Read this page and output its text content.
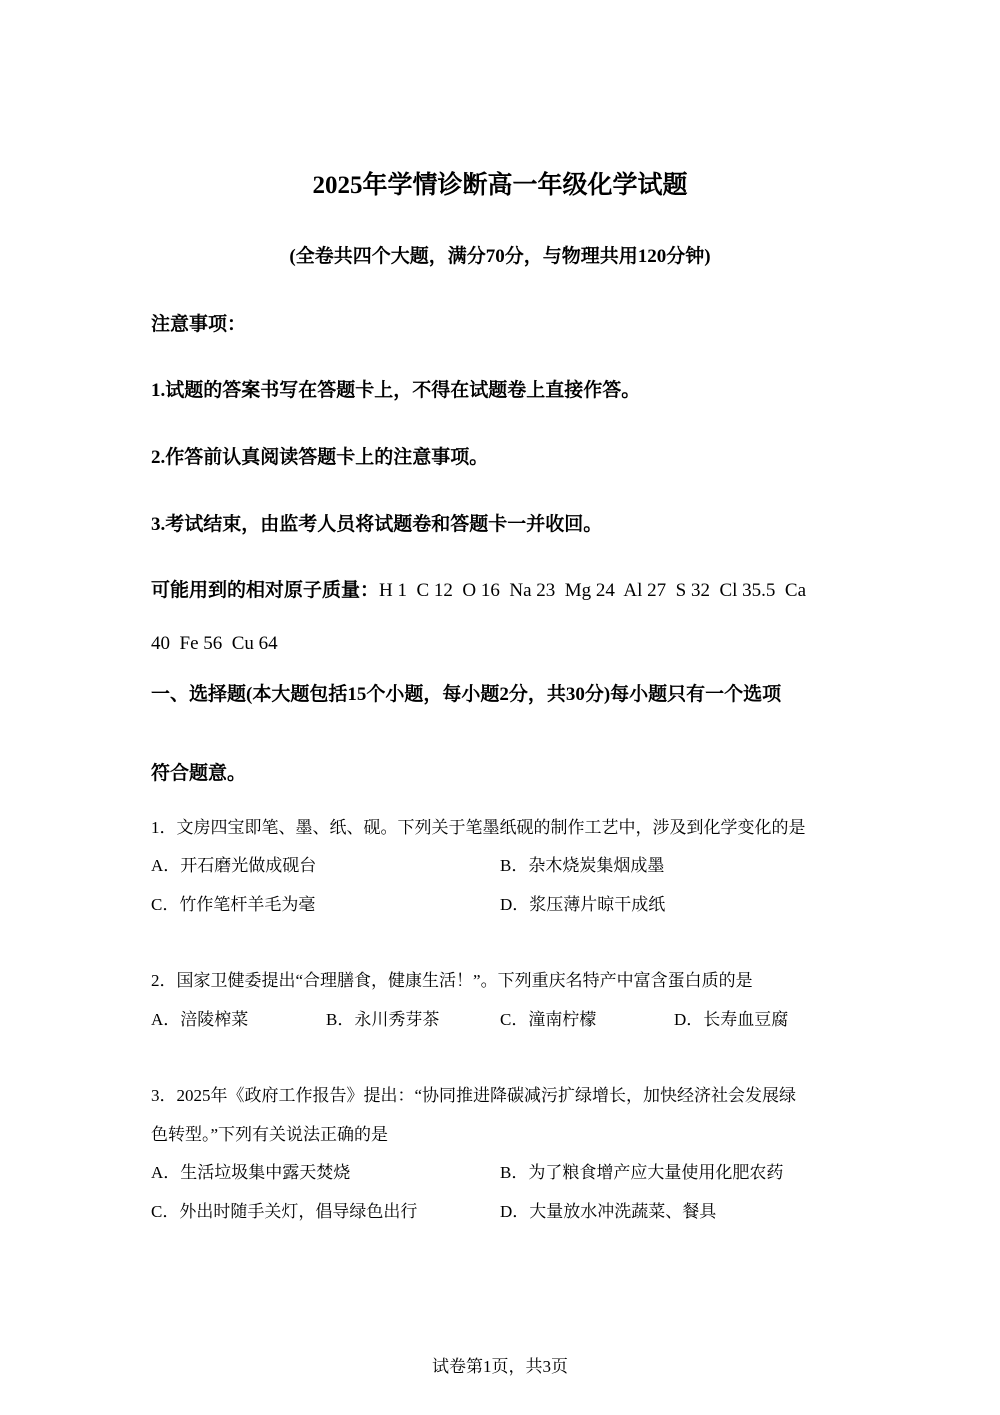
2025年学情诊断高一年级化学试题
(全卷共四个大题，满分70分，与物理共用120分钟)
注意事项：
1.试题的答案书写在答题卡上，不得在试题卷上直接作答。
2.作答前认真阅读答题卡上的注意事项。
3.考试结束，由监考人员将试题卷和答题卡一并收回。
可能用到的相对原子质量：H 1  C 12  O 16  Na 23  Mg 24  Al 27  S 32  Cl 35.5  Ca
40  Fe 56  Cu 64
一、选择题(本大题包括15个小题，每小题2分，共30分)每小题只有一个选项
符合题意。
1．文房四宝即笔、墨、纸、砚。下列关于笔墨纸砚的制作工艺中，涉及到化学变化的是
A．开石磨光做成砚台	B．杂木烧炭集烟成墨
C．竹作笔杆羊毛为毫	D．浆压薄片晾干成纸
2．国家卫健委提出“合理膳食，健康生活！”。下列重庆名特产中富含蛋白质的是
A．涪陵榨菜	B．永川秀芽茶	C．潼南柠檬	D．长寿血豆腐
3．2025年《政府工作报告》提出：“协同推进降碳减污扩绿增长，加快经济社会发展绿
色转型。”下列有关说法正确的是
A．生活垃圾集中露天焚烧	B．为了粮食增产应大量使用化肥农药
C．外出时随手关灯，倡导绿色出行	D．大量放水冲洗蔬菜、餐具
试卷第1页，共3页
